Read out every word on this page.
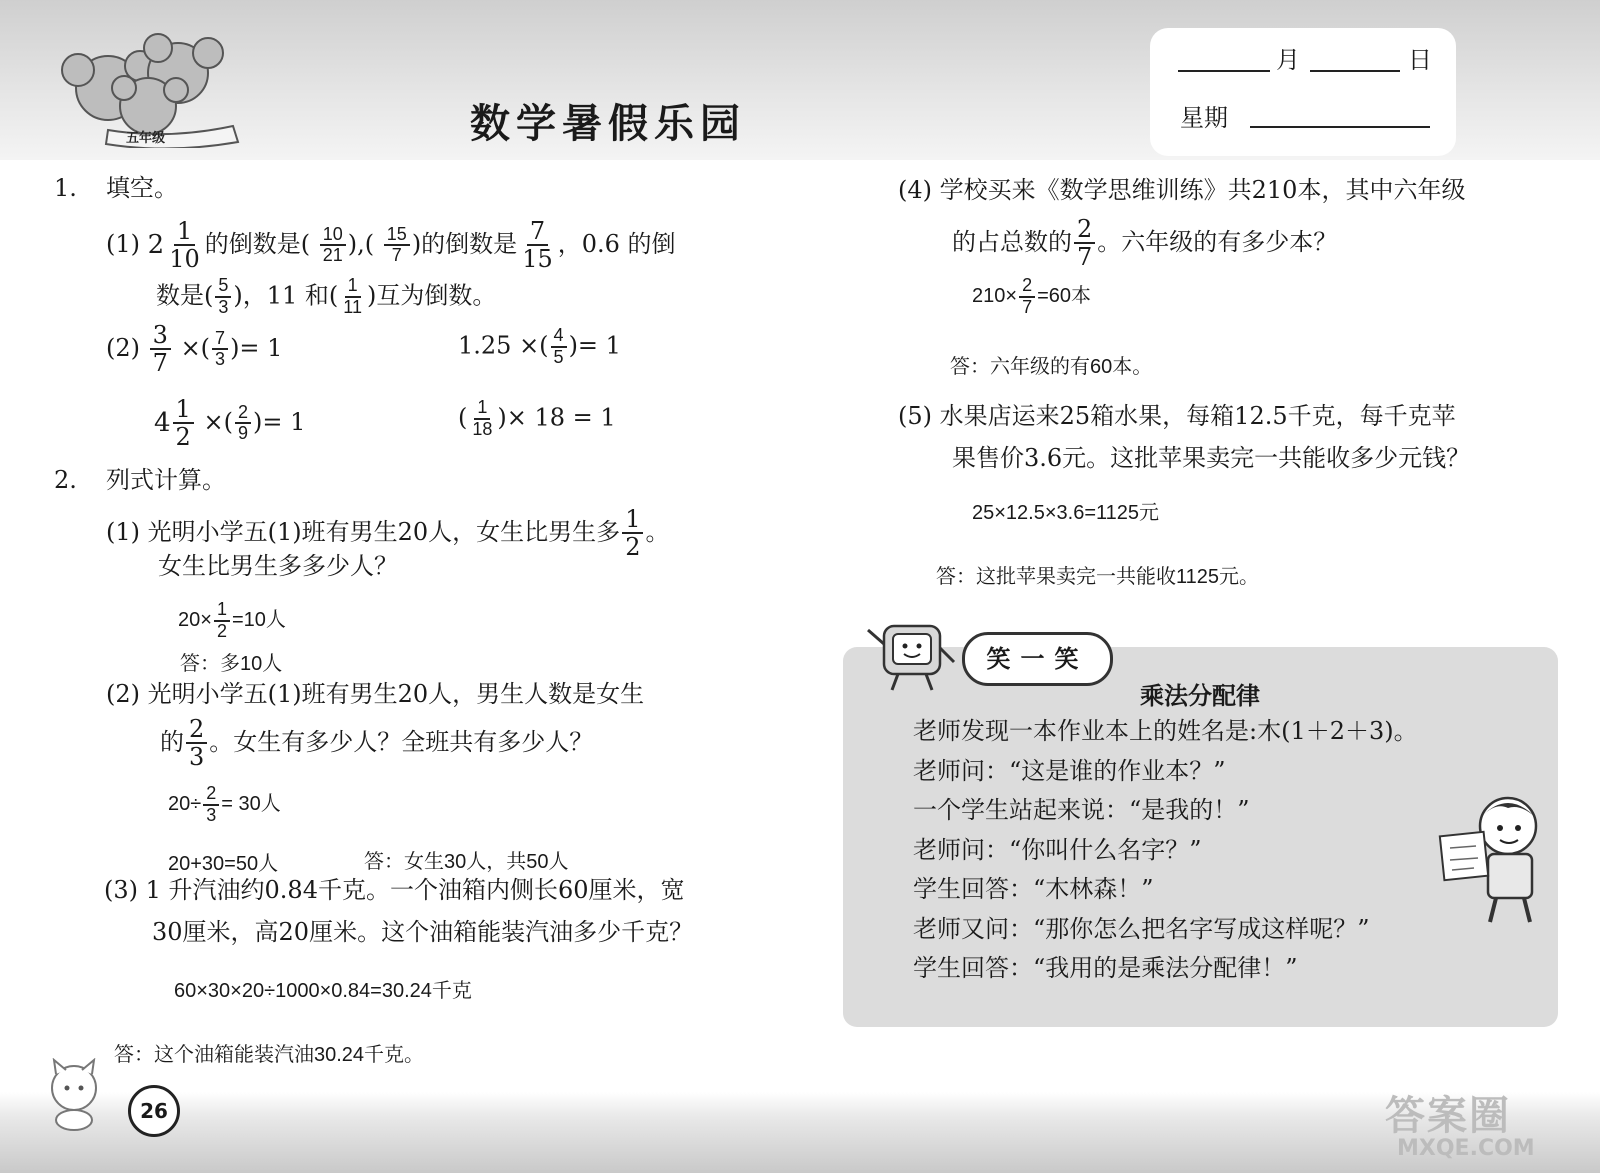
五年级	数学暑假乐园
月	日
星期
1. 填空。
(1) $2 \frac{1}{10}$ 的倒数是( $\frac{10}{21}$ ),( $\frac{15}{7}$ )的倒数是 $\frac{7}{15}$ ，0.6 的倒
数是( $\frac{5}{3}$ )，11 和( $\frac{1}{11}$ )互为倒数。
$(2) \frac{3}{7}$ ×( $\frac{7}{3}$ )= 1	1.25 ×( $\frac{4}{5}$ )= 1
$4 \frac{1}{2}$ ×( $\frac{2}{9}$ )= 1	( $\frac{1}{18}$ )× 18 = 1
2. 列式计算。
(1) 光明小学五(1)班有男生20人，女生比男生多 $\frac{1}{2}$ 。
女生比男生多多少人？
$20\times \frac{1}{2} =10$人
答：多10人
(2) 光明小学五(1)班有男生20人，男生人数是女生
的 $\frac{2}{3}$ 。女生有多少人？全班共有多少人？
$20\div \frac{2}{3} = 30$人
20+30=50人	答：女生30人，共50人
(3) 1 升汽油约0.84千克。一个油箱内侧长60厘米，宽
30厘米，高20厘米。这个油箱能装汽油多少千克？
60×30×20÷1000×0.84=30.24千克
答：这个油箱能装汽油30.24千克。
(4) 学校买来《数学思维训练》共210本，其中六年级
的占总数的 $\frac{2}{7}$ 。六年级的有多少本？
$210\times \frac{2}{7} =60$本
答：六年级的有60本。
(5) 水果店运来25箱水果，每箱12.5千克，每千克苹
果售价3.6元。这批苹果卖完一共能收多少元钱？
25×12.5×3.6=1125元
答：这批苹果卖完一共能收1125元。
笑一笑
乘法分配律
老师发现一本作业本上的姓名是:木(1＋2＋3)。
老师问：“这是谁的作业本？”
一个学生站起来说：“是我的！”
老师问：“你叫什么名字？”
学生回答：“木林森！”
老师又问：“那你怎么把名字写成这样呢？”
学生回答：“我用的是乘法分配律！”
26	答案圈
MXQE.COM
